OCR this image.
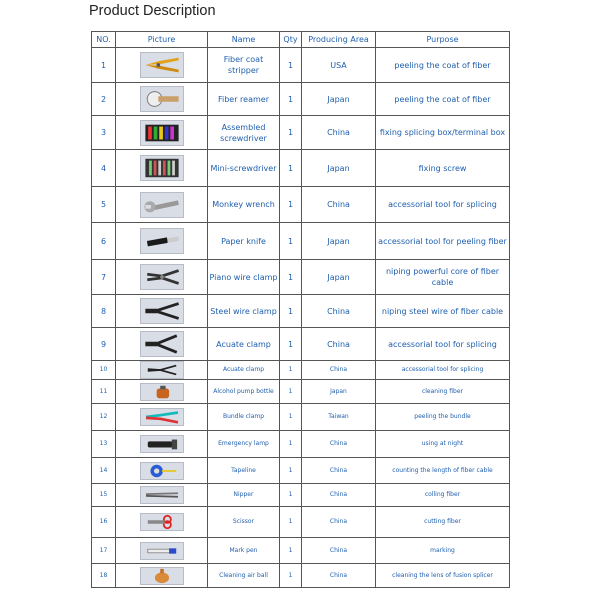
Product Description
NO.	Picture	Name	Qty	Producing Area	Purpose
1		Fiber coat stripper	1	USA	peeling the coat of fiber
2		Fiber reamer	1	Japan	peeling the coat of fiber
3		Assembled screwdriver	1	China	fixing splicing box/terminal box
4		Mini-screwdriver	1	Japan	fixing screw
5		Monkey wrench	1	China	accessorial tool for splicing
6		Paper knife	1	Japan	accessorial tool for peeling fiber
7		Piano wire clamp	1	Japan	niping powerful core of fiber cable
8		Steel wire clamp	1	China	niping steel wire of fiber cable
9		Acuate clamp	1	China	accessorial tool for splicing
10		Acuate clamp	1	China	accessorial tool for splicing
11		Alcohol pump bottle	1	Japan	cleaning fiber
12		Bundle clamp	1	Taiwan	peeling the bundle
13		Emergency lamp	1	China	using at night
14		Tapeline	1	China	counting the length of fiber cable
15		Nipper	1	China	colling fiber
16		Scissor	1	China	cutting fiber
17		Mark pen	1	China	marking
18		Cleaning air ball	1	China	cleaning the lens of fusion splicer
